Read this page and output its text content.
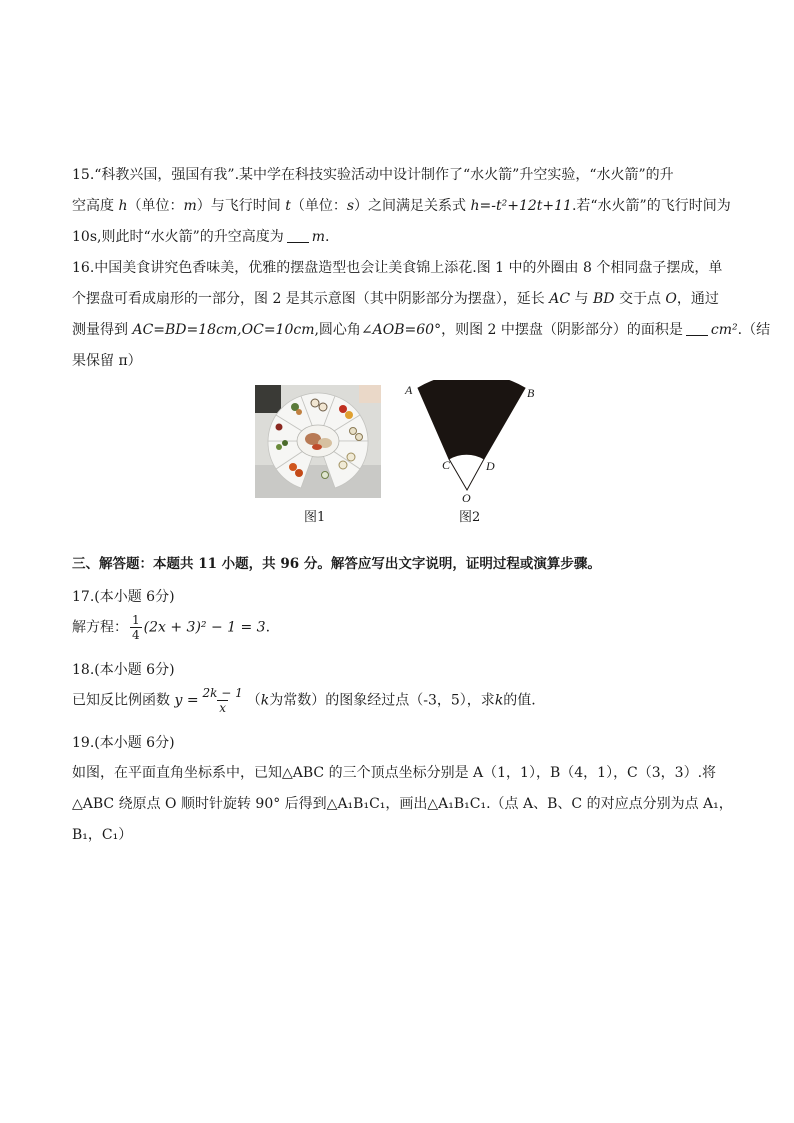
15.“科教兴国，强国有我”.某中学在科技实验活动中设计制作了“水火箭”升空实验，“水火箭”的升
空高度 h（单位：m）与飞行时间 t（单位：s）之间满足关系式 h=-t²+12t+11.若“水火箭”的飞行时间为
10s,则此时“水火箭”的升空高度为 m.
16.中国美食讲究色香味美，优雅的摆盘造型也会让美食锦上添花.图 1 中的外圈由 8 个相同盘子摆成，单
个摆盘可看成扇形的一部分，图 2 是其示意图（其中阴影部分为摆盘），延长 AC 与 BD 交于点 O，通过
测量得到 AC=BD=18cm,OC=10cm,圆心角∠AOB=60°，则图 2 中摆盘（阴影部分）的面积是 cm².（结
果保留 π）
图1
A	B
C	D
O
图2
三、解答题：本题共 11 小题，共 96 分。解答应写出文字说明，证明过程或演算步骤。
17.(本小题 6分)
解方程： $\frac{1}{4} (2x + 3)^2 - 1 = 3$.
18.(本小题 6分)
已知反比例函数 $y = \frac{2k - 1}{x} (k$为常数）的图象经过点（-3，5），求k的值.
19.(本小题 6分)
如图，在平面直角坐标系中，已知△ABC 的三个顶点坐标分别是 A（1，1），B（4，1），C（3，3）.将
△ABC 绕原点 O 顺时针旋转 90° 后得到△A₁B₁C₁，画出△A₁B₁C₁.（点 A、B、C 的对应点分别为点 A₁，
B₁，C₁）
